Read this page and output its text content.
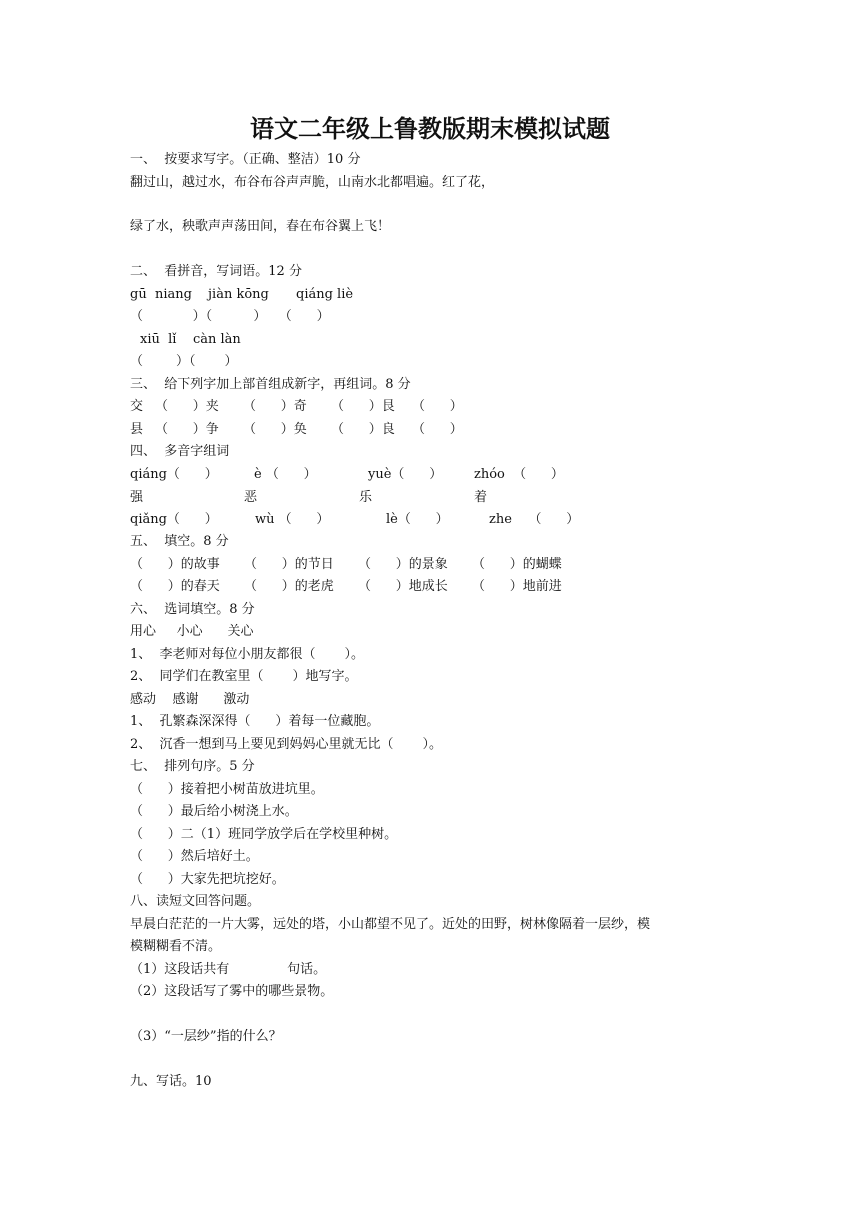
语文二年级上鲁教版期末模拟试题
一、  按要求写字。（正确、整洁）10 分
翻过山，越过水，布谷布谷声声脆，山南水北都唱遍。红了花，
绿了水，秧歌声声荡田间，春在布谷翼上飞！
二、  看拼音，写词语。12 分
gū  niang jiàn kōng qiáng liè
（            ）（          ）   （      ）
xiū  lǐ    càn làn
（        ）（       ）
三、  给下列字加上部首组成新字，再组词。8 分
交 （      ）夹 （      ）奇 （      ）艮 （      ）
县 （      ）争 （      ）奂 （      ）良 （      ）
四、  多音字组词
qiáng（      ）	è （      ）	yuè（      ） zhóo  （      ）
强	恶	乐	着
qiǎng（      ）	wù （      ）	lè（      ）	zhe    （      ）
五、  填空。8 分
（      ）的故事 （      ）的节日 （      ）的景象 （      ）的蝴蝶
（      ）的春天 （      ）的老虎 （      ）地成长 （      ）地前进
六、  选词填空。8 分
用心     小心      关心
1、  李老师对每位小朋友都很（       ）。
2、  同学们在教室里（       ）地写字。
感动    感谢      激动
1、  孔繁森深深得（      ）着每一位藏胞。
2、  沉香一想到马上要见到妈妈心里就无比（       ）。
七、  排列句序。5 分
（      ）接着把小树苗放进坑里。
（      ）最后给小树浇上水。
（      ）二（1）班同学放学后在学校里种树。
（      ）然后培好土。
（      ）大家先把坑挖好。
八、读短文回答问题。
早晨白茫茫的一片大雾，远处的塔，小山都望不见了。近处的田野，树林像隔着一层纱，模
模糊糊看不清。
（1）这段话共有              句话。
（2）这段话写了雾中的哪些景物。
（3）“一层纱”指的什么？
九、写话。10
